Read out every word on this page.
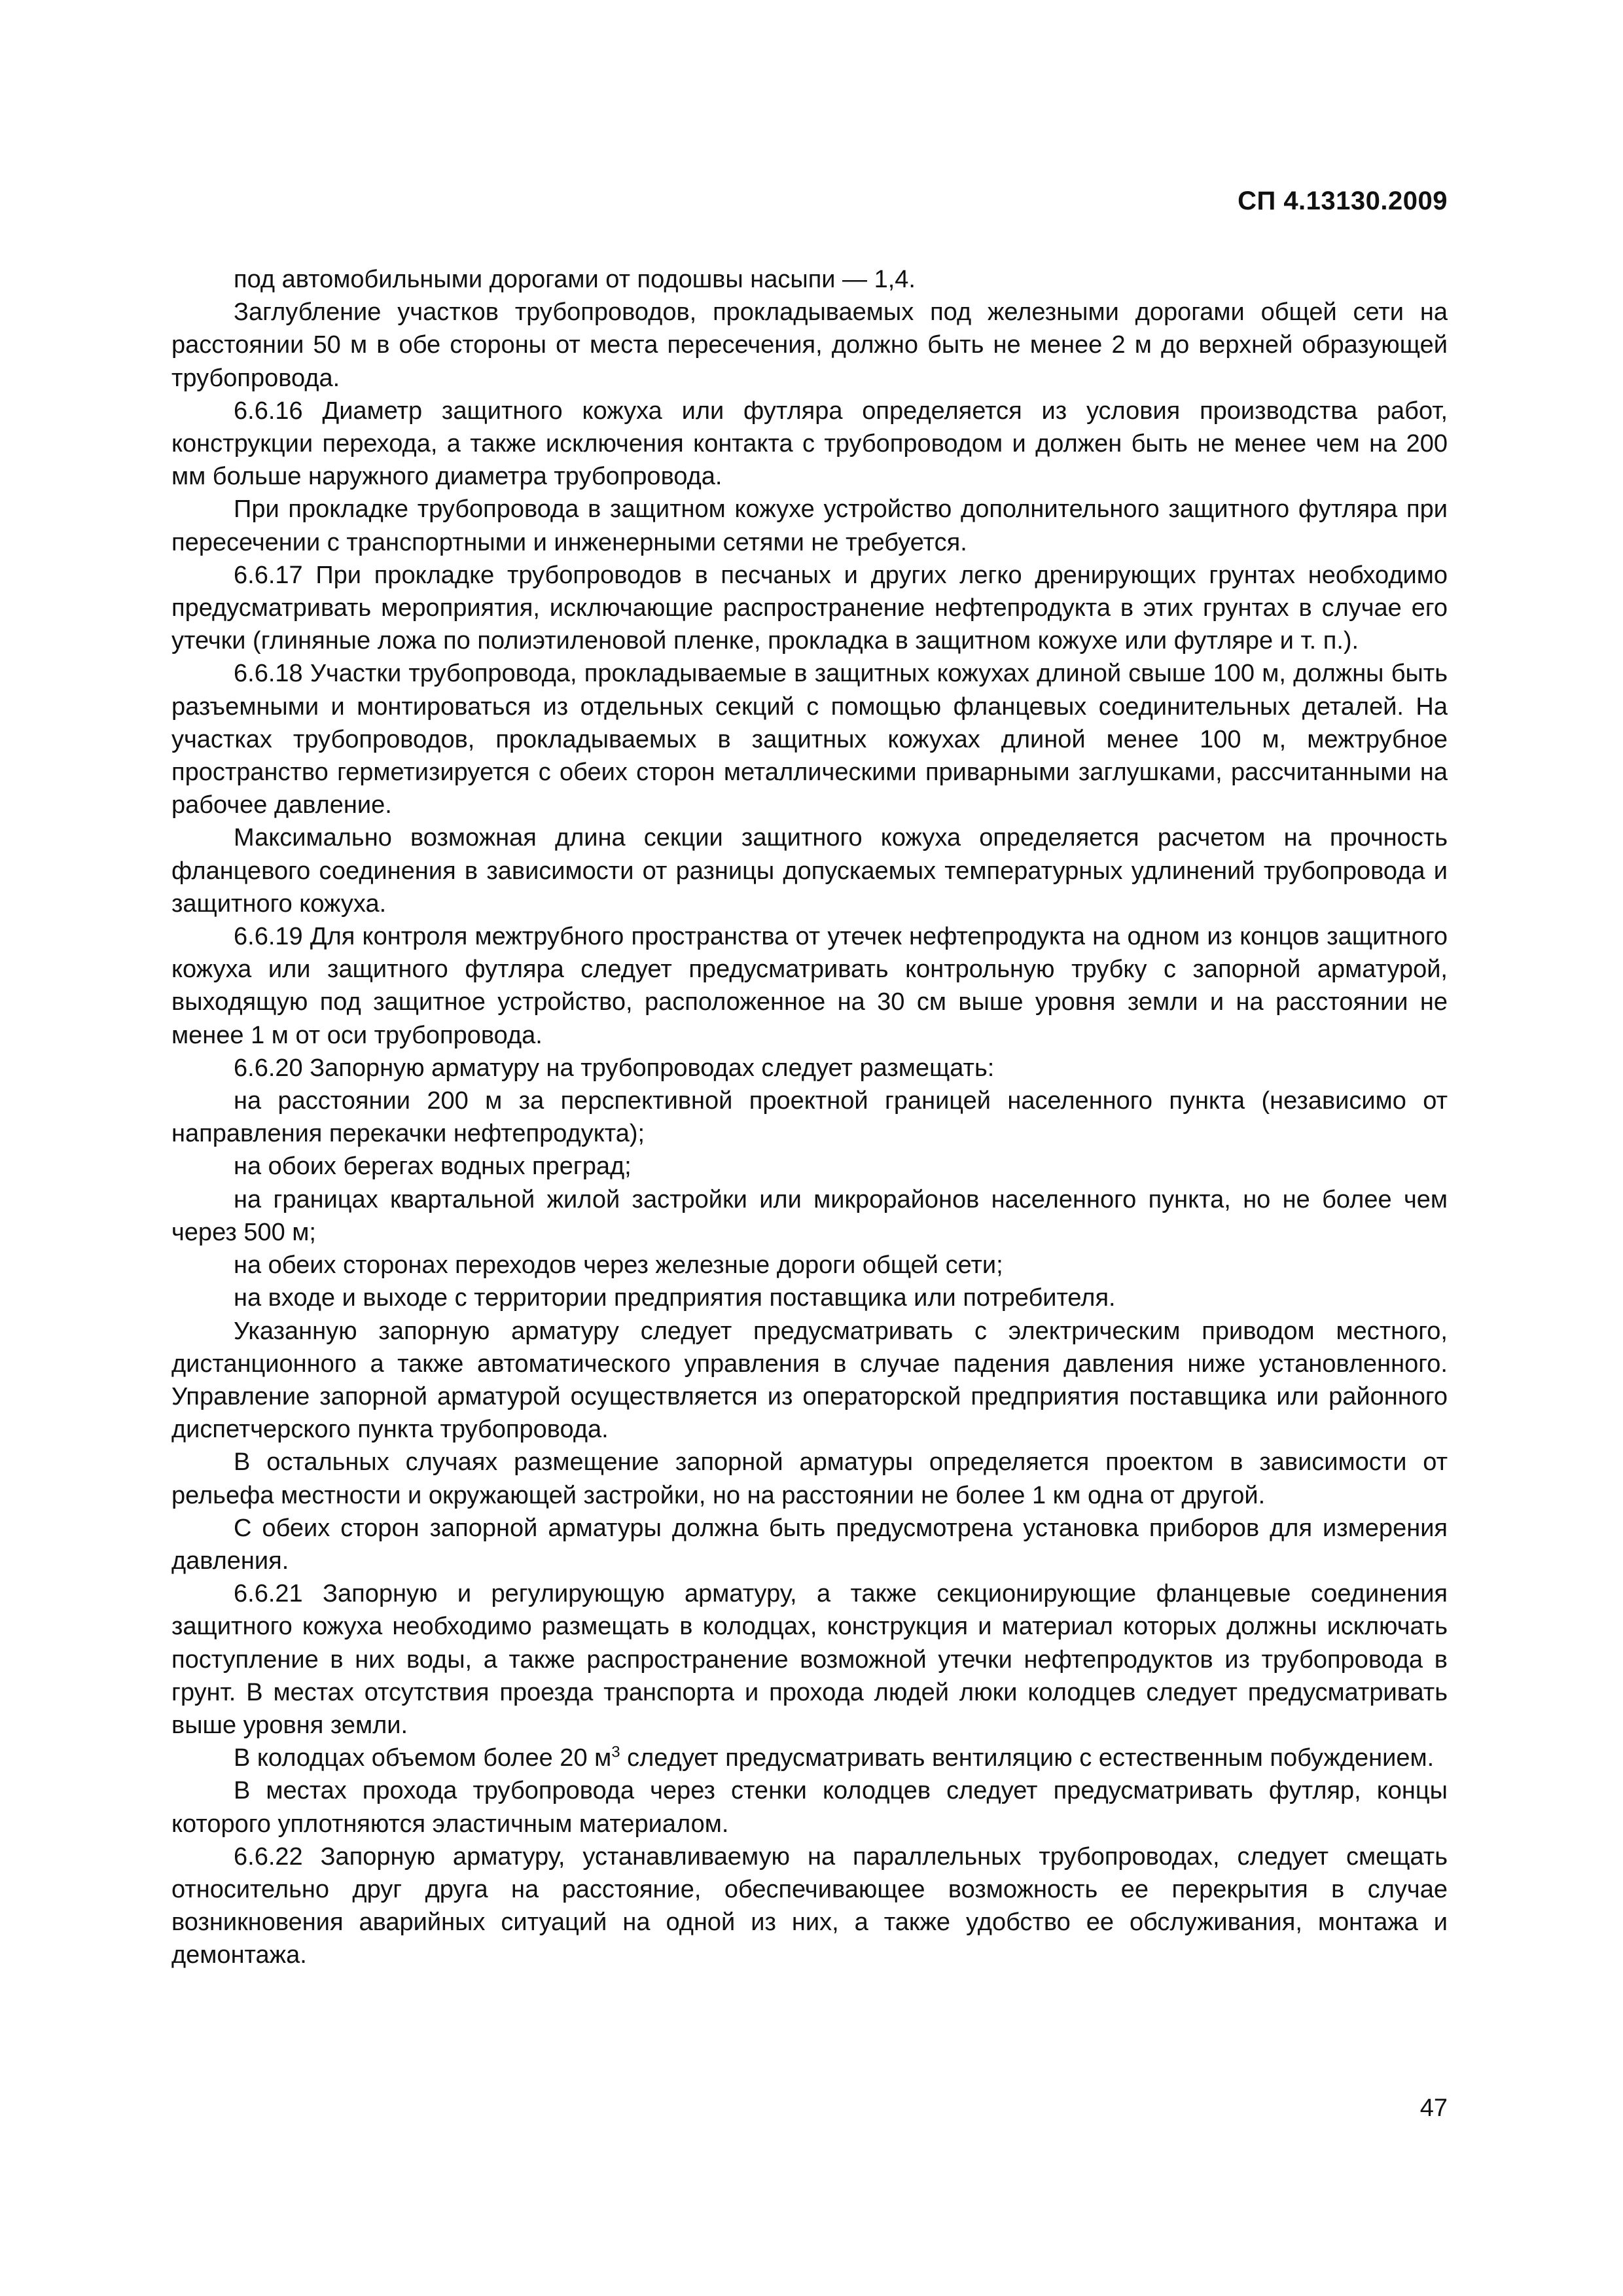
СП 4.13130.2009

под автомобильными дорогами от подошвы насыпи — 1,4.

Заглубление участков трубопроводов, прокладываемых под железными дорогами общей сети на расстоянии 50 м в обе стороны от места пересечения, должно быть не менее 2 м до верхней образующей трубопровода.

6.6.16 Диаметр защитного кожуха или футляра определяется из условия производства работ, конструкции перехода, а также исключения контакта с трубопроводом и должен быть не менее чем на 200 мм больше наружного диаметра трубопровода.

При прокладке трубопровода в защитном кожухе устройство дополнительного защитного футляра при пересечении с транспортными и инженерными сетями не требуется.

6.6.17 При прокладке трубопроводов в песчаных и других легко дренирующих грунтах необходимо предусматривать мероприятия, исключающие распространение нефтепродукта в этих грунтах в случае его утечки (глиняные ложа по полиэтиленовой пленке, прокладка в защитном кожухе или футляре и т. п.).

6.6.18 Участки трубопровода, прокладываемые в защитных кожухах длиной свыше 100 м, должны быть разъемными и монтироваться из отдельных секций с помощью фланцевых соединительных деталей. На участках трубопроводов, прокладываемых в защитных кожухах длиной менее 100 м, межтрубное пространство герметизируется с обеих сторон металлическими приварными заглушками, рассчитанными на рабочее давление.

Максимально возможная длина секции защитного кожуха определяется расчетом на прочность фланцевого соединения в зависимости от разницы допускаемых температурных удлинений трубопровода и защитного кожуха.

6.6.19 Для контроля межтрубного пространства от утечек нефтепродукта на одном из концов защитного кожуха или защитного футляра следует предусматривать контрольную трубку с запорной арматурой, выходящую под защитное устройство, расположенное на 30 см выше уровня земли и на расстоянии не менее 1 м от оси трубопровода.

6.6.20 Запорную арматуру на трубопроводах следует размещать:

на расстоянии 200 м за перспективной проектной границей населенного пункта (независимо от направления перекачки нефтепродукта);

на обоих берегах водных преград;

на границах квартальной жилой застройки или микрорайонов населенного пункта, но не более чем через 500 м;

на обеих сторонах переходов через железные дороги общей сети;

на входе и выходе с территории предприятия поставщика или потребителя.

Указанную запорную арматуру следует предусматривать с электрическим приводом местного, дистанционного а также автоматического управления в случае падения давления ниже установленного. Управление запорной арматурой осуществляется из операторской предприятия поставщика или районного диспетчерского пункта трубопровода.

В остальных случаях размещение запорной арматуры определяется проектом в зависимости от рельефа местности и окружающей застройки, но на расстоянии не более 1 км одна от другой.

С обеих сторон запорной арматуры должна быть предусмотрена установка приборов для измерения давления.

6.6.21 Запорную и регулирующую арматуру, а также секционирующие фланцевые соединения защитного кожуха необходимо размещать в колодцах, конструкция и материал которых должны исключать поступление в них воды, а также распространение возможной утечки нефтепродуктов из трубопровода в грунт. В местах отсутствия проезда транспорта и прохода людей люки колодцев следует предусматривать выше уровня земли.

В колодцах объемом более 20 $м^3$ следует предусматривать вентиляцию с естественным побуждением.

В местах прохода трубопровода через стенки колодцев следует предусматривать футляр, концы которого уплотняются эластичным материалом.

6.6.22 Запорную арматуру, устанавливаемую на параллельных трубопроводах, следует смещать относительно друг друга на расстояние, обеспечивающее возможность ее перекрытия в случае возникновения аварийных ситуаций на одной из них, а также удобство ее обслуживания, монтажа и демонтажа.

47
